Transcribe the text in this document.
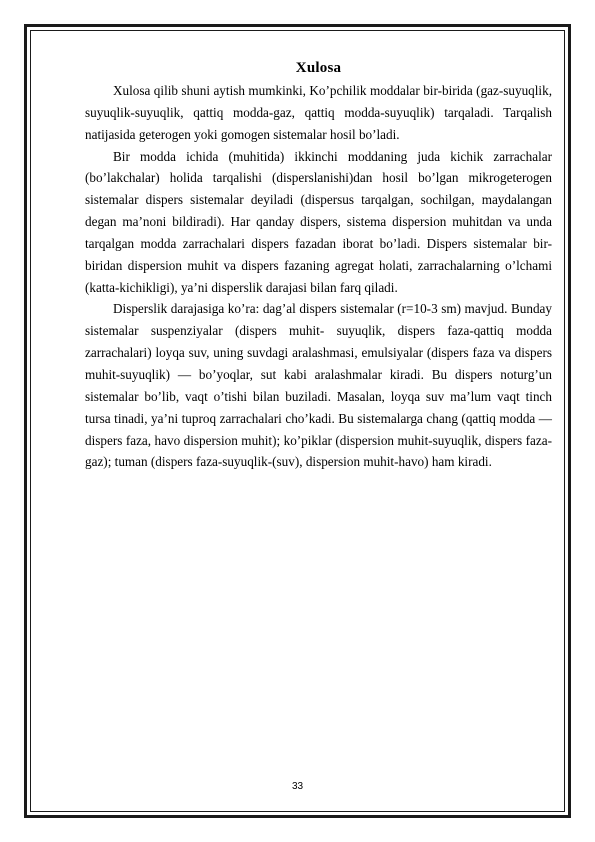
Xulosa

Xulosa qilib shuni aytish mumkinki, Ko’pchilik moddalar bir-birida (gaz-suyuqlik, suyuqlik-suyuqlik, qattiq modda-gaz, qattiq modda-suyuqlik) tarqaladi. Tarqalish natijasida geterogen yoki gomogen sistemalar hosil bo’ladi.

Bir modda ichida (muhitida) ikkinchi moddaning juda kichik zarrachalar (bo’lakchalar) holida tarqalishi (disperslanishi)dan hosil bo’lgan mikrogeterogen sistemalar dispers sistemalar deyiladi (dispersus tarqalgan, sochilgan, maydalangan degan ma’noni bildiradi). Har qanday dispers, sistema dispersion muhitdan va unda tarqalgan modda zarrachalari dispers fazadan iborat bo’ladi. Dispers sistemalar bir-biridan dispersion muhit va dispers fazaning agregat holati, zarrachalarning o’lchami (katta-kichikligi), ya’ni disperslik darajasi bilan farq qiladi.

Disperslik darajasiga ko’ra: dag’al dispers sistemalar (r=10-3 sm) mavjud. Bunday sistemalar suspenziyalar (dispers muhit- suyuqlik, dispers faza-qattiq modda zarrachalari) loyqa suv, uning suvdagi aralashmasi, emulsiyalar (dispers faza va dispers muhit-suyuqlik) — bo’yoqlar, sut kabi aralashmalar kiradi. Bu dispers noturg’un sistemalar bo’lib, vaqt o’tishi bilan buziladi. Masalan, loyqa suv ma’lum vaqt tinch tursa tinadi, ya’ni tuproq zarrachalari cho’kadi. Bu sistemalarga chang (qattiq modda — dispers faza, havo dispersion muhit); ko’piklar (dispersion muhit-suyuqlik, dispers faza- gaz); tuman (dispers faza-suyuqlik-(suv), dispersion muhit-havo) ham kiradi.

33
